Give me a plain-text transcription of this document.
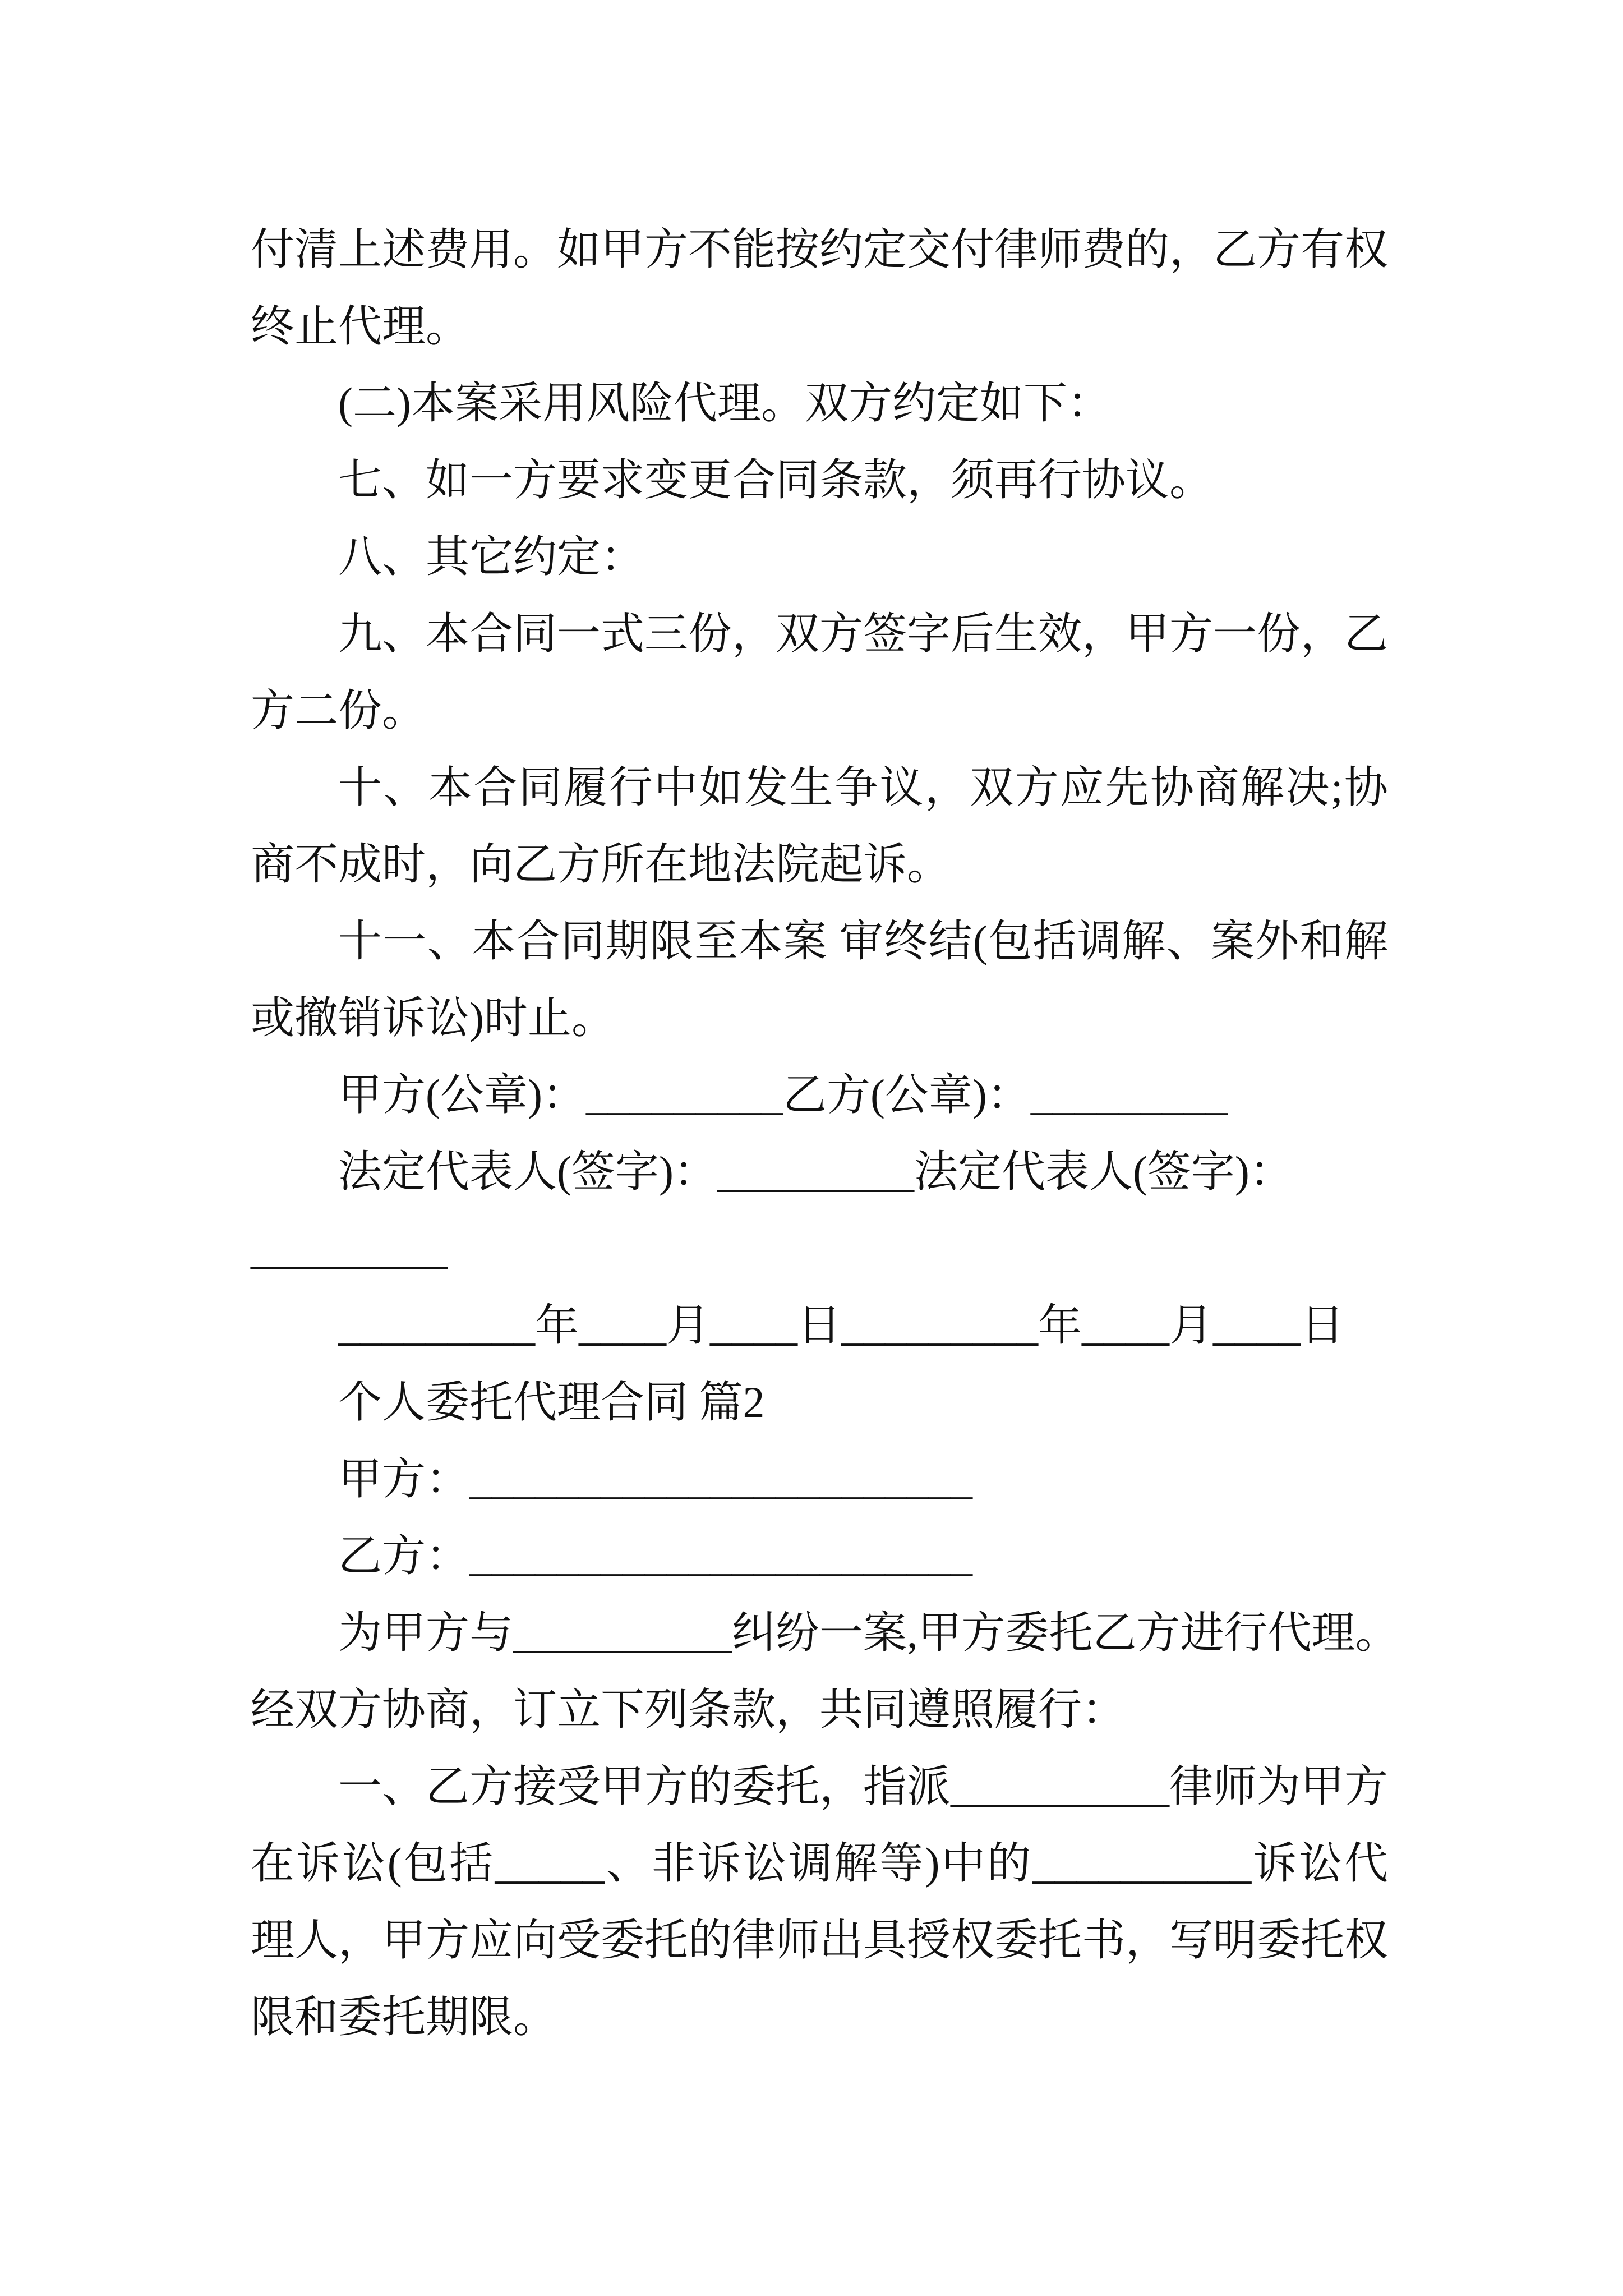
付清上述费用。如甲方不能按约定交付律师费的，乙方有权
终止代理。
(二)本案采用风险代理。双方约定如下：
七、如一方要求变更合同条款，须再行协议。
八、其它约定：
九、本合同一式三份，双方签字后生效，甲方一份，乙
方二份。
十、本合同履行中如发生争议，双方应先协商解决;协
商不成时，向乙方所在地法院起诉。
十一、本合同期限至本案 审终结(包括调解、案外和解
或撤销诉讼)时止。
甲方(公章)：_________乙方(公章)：_________
法定代表人(签字)：_________法定代表人(签字)：
_________
_________年____月____日_________年____月____日
个人委托代理合同 篇2
甲方：_______________________
乙方：_______________________
为甲方与__________纠纷一案,甲方委托乙方进行代理。
经双方协商，订立下列条款，共同遵照履行：
一、乙方接受甲方的委托，指派__________律师为甲方
在诉讼(包括_____、非诉讼调解等)中的__________诉讼代
理人，甲方应向受委托的律师出具授权委托书，写明委托权
限和委托期限。
